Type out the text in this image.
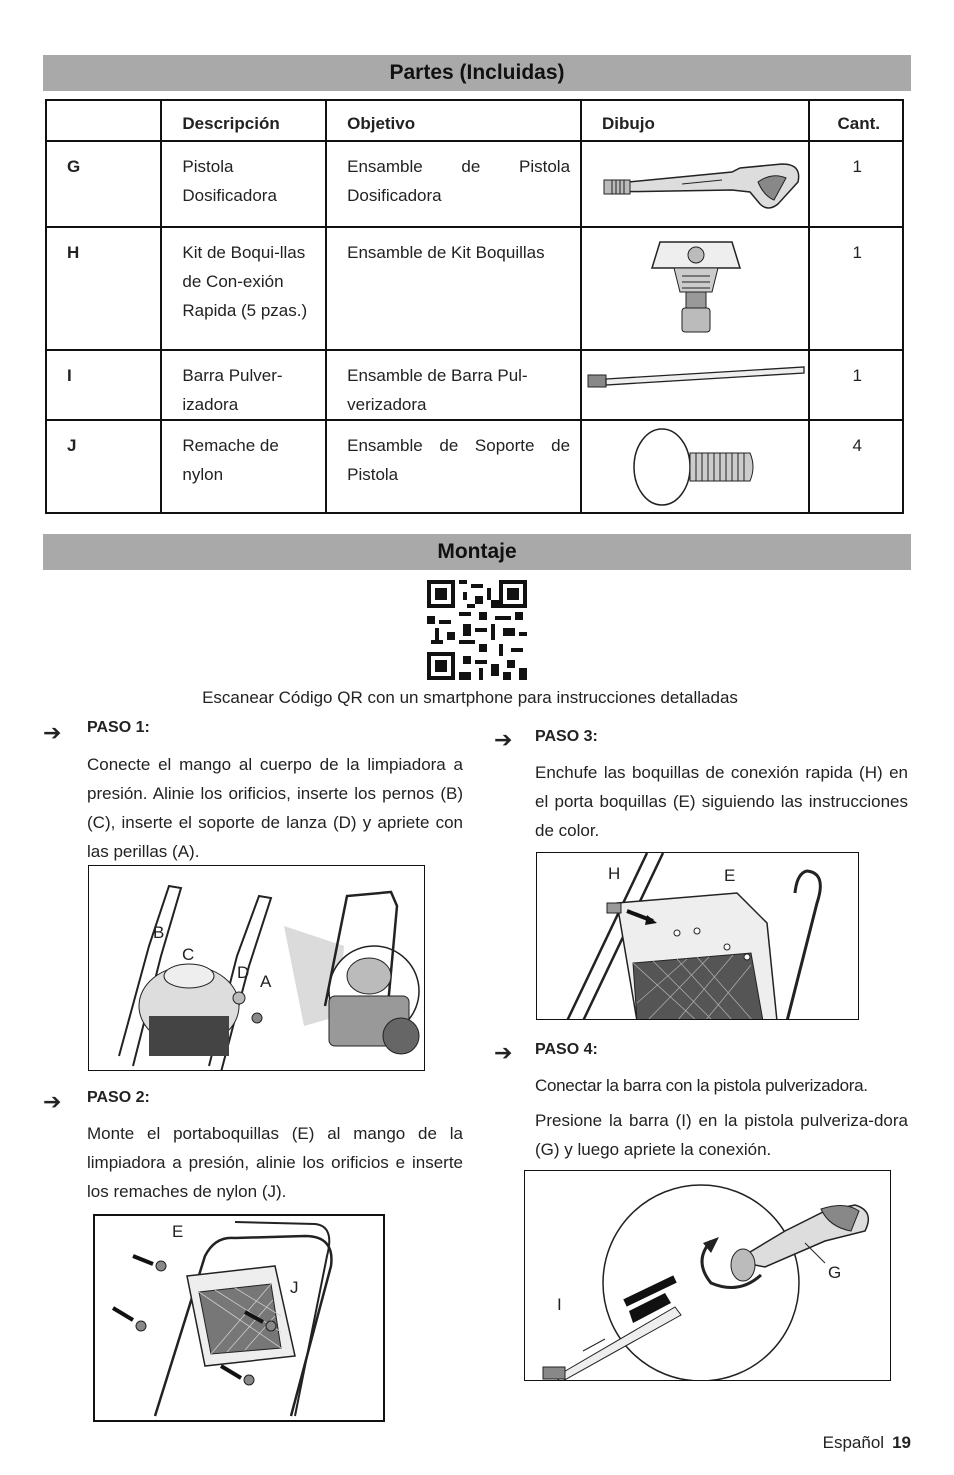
Partes (Incluidas)
	Descripción	Objetivo	Dibujo	Cant.
G	Pistola Dosificadora	Ensamble de Pistola Dosificadora		1
H	Kit de Boqui-llas de Con-exión Rapida (5 pzas.)	Ensamble de Kit Boquillas		1
I	Barra Pulver-izadora	Ensamble de Barra Pul-verizadora		1
J	Remache de nylon	Ensamble de Soporte de Pistola		4
Montaje
Escanear Código QR con un smartphone para instrucciones detalladas
➔ PASO 1:
Conecte el mango al cuerpo de la limpiadora a presión. Alinie los orificios, inserte los pernos (B) (C), inserte el soporte de lanza (D) y apriete con las perillas (A).
B
C
D A
➔ PASO 2:
Monte el portaboquillas (E) al mango de la limpiadora a presión, alinie los orificios e inserte los remaches de nylon (J).
E
J
➔ PASO 3:
Enchufe las boquillas de conexión rapida (H) en el porta boquillas (E) siguiendo las instrucciones de color.
H	E
➔ PASO 4:
Conectar la barra con la pistola pulverizadora.
Presione la barra (I) en la pistola pulveriza-dora (G) y luego apriete la conexión.
G
I
Español 19
